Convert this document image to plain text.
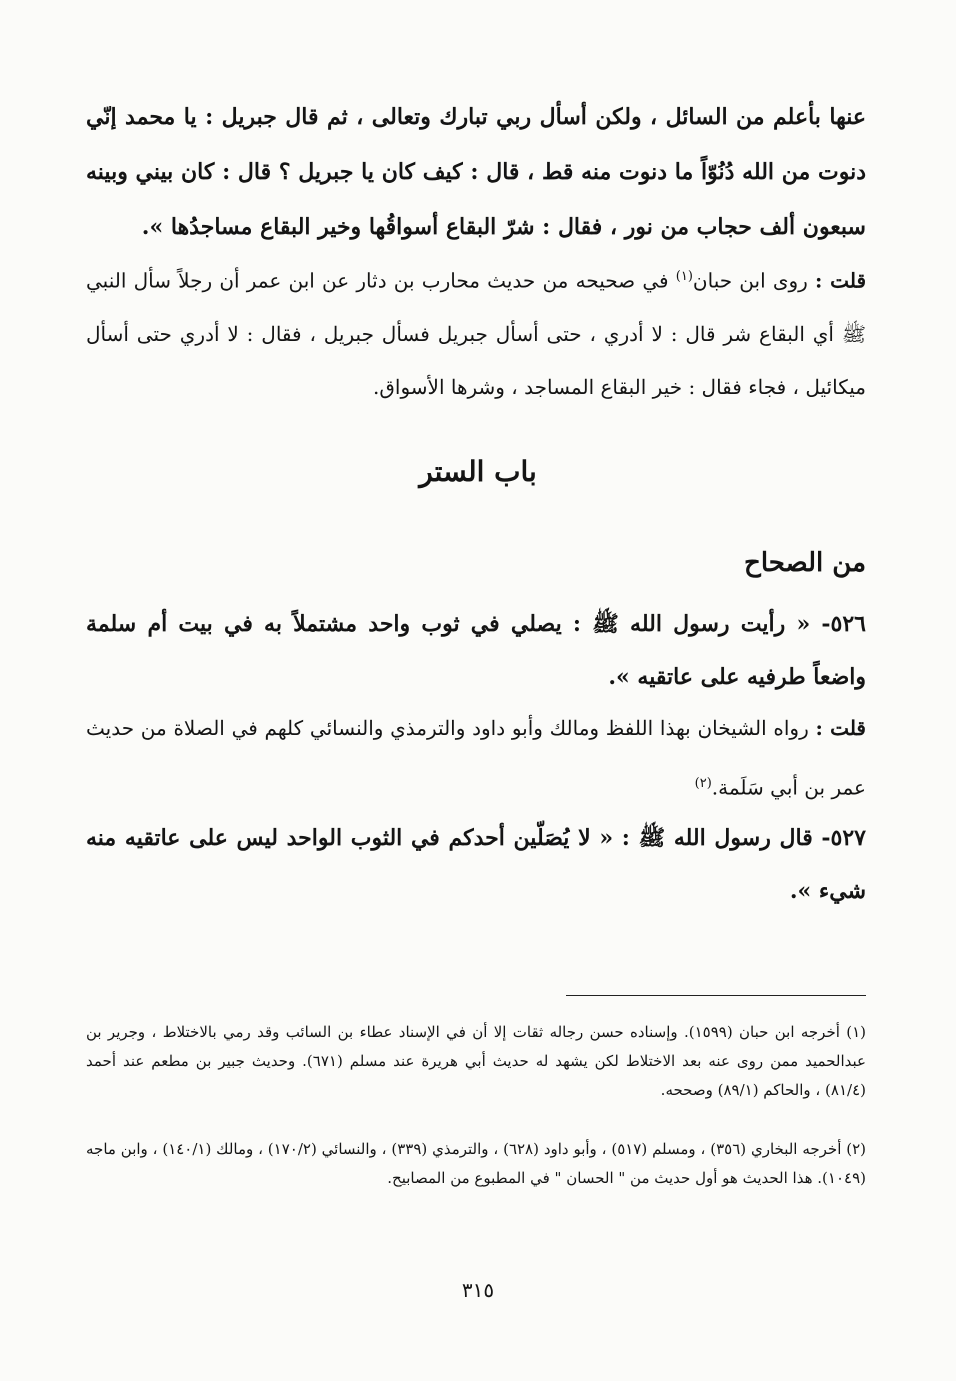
عنها بأعلم من السائل ، ولكن أسأل ربي تبارك وتعالى ، ثم قال جبريل : يا محمد إنّي دنوت من الله دُنُوّاً ما دنوت منه قط ، قال : كيف كان يا جبريل ؟ قال : كان بيني وبينه سبعون ألف حجاب من نور ، فقال : شرّ البقاع أسواقُها وخير البقاع مساجدُها ».

قلت : روى ابن حبان$^{(١)}$ في صحيحه من حديث محارب بن دثار عن ابن عمر أن رجلاً سأل النبي ﷺ أي البقاع شر قال : لا أدري ، حتى أسأل جبريل فسأل جبريل ، فقال : لا أدري حتى أسأل ميكائيل ، فجاء فقال : خير البقاع المساجد ، وشرها الأسواق.

باب الستر
من الصحاح

٥٢٦- « رأيت رسول الله ﷺ : يصلي في ثوب واحد مشتملاً به في بيت أم سلمة واضعاً طرفيه على عاتقيه ».

قلت : رواه الشيخان بهذا اللفظ ومالك وأبو داود والترمذي والنسائي كلهم في الصلاة من حديث عمر بن أبي سَلَمة.$^{(٢)}$

٥٢٧- قال رسول الله ﷺ : « لا يُصَلّين أحدكم في الثوب الواحد ليس على عاتقيه منه شيء ».

(١) أخرجه ابن حبان (١٥٩٩). وإسناده حسن رجاله ثقات إلا أن في الإسناد عطاء بن السائب وقد رمي بالاختلاط ، وجرير بن عبدالحميد ممن روى عنه بعد الاختلاط لكن يشهد له حديث أبي هريرة عند مسلم (٦٧١). وحديث جبير بن مطعم عند أحمد (٨١/٤) ، والحاكم (٨٩/١) وصححه.

(٢) أخرجه البخاري (٣٥٦) ، ومسلم (٥١٧) ، وأبو داود (٦٢٨) ، والترمذي (٣٣٩) ، والنسائي (١٧٠/٢) ، ومالك (١٤٠/١) ، وابن ماجه (١٠٤٩). هذا الحديث هو أول حديث من " الحسان " في المطبوع من المصابيح.

٣١٥
